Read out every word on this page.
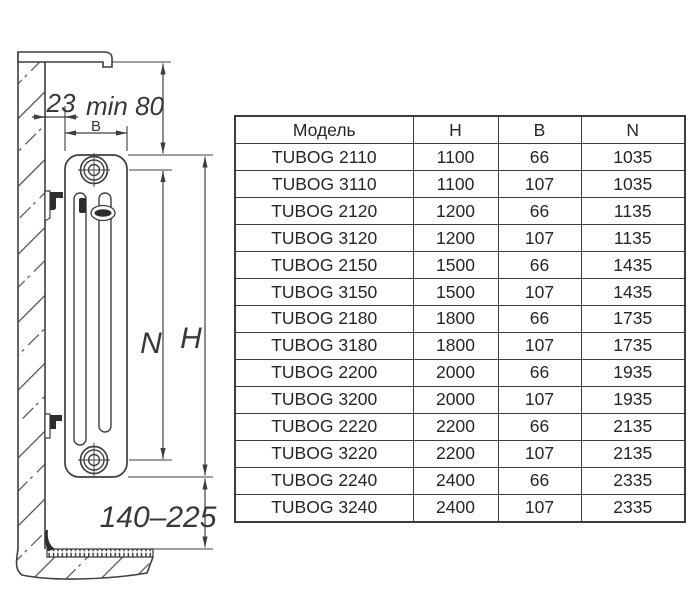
23 min 80
B
N H
140–225
Модель	H	B	N
TUBOG 2110	1100	66	1035
TUBOG 3110	1100	107	1035
TUBOG 2120	1200	66	1135
TUBOG 3120	1200	107	1135
TUBOG 2150	1500	66	1435
TUBOG 3150	1500	107	1435
TUBOG 2180	1800	66	1735
TUBOG 3180	1800	107	1735
TUBOG 2200	2000	66	1935
TUBOG 3200	2000	107	1935
TUBOG 2220	2200	66	2135
TUBOG 3220	2200	107	2135
TUBOG 2240	2400	66	2335
TUBOG 3240	2400	107	2335
